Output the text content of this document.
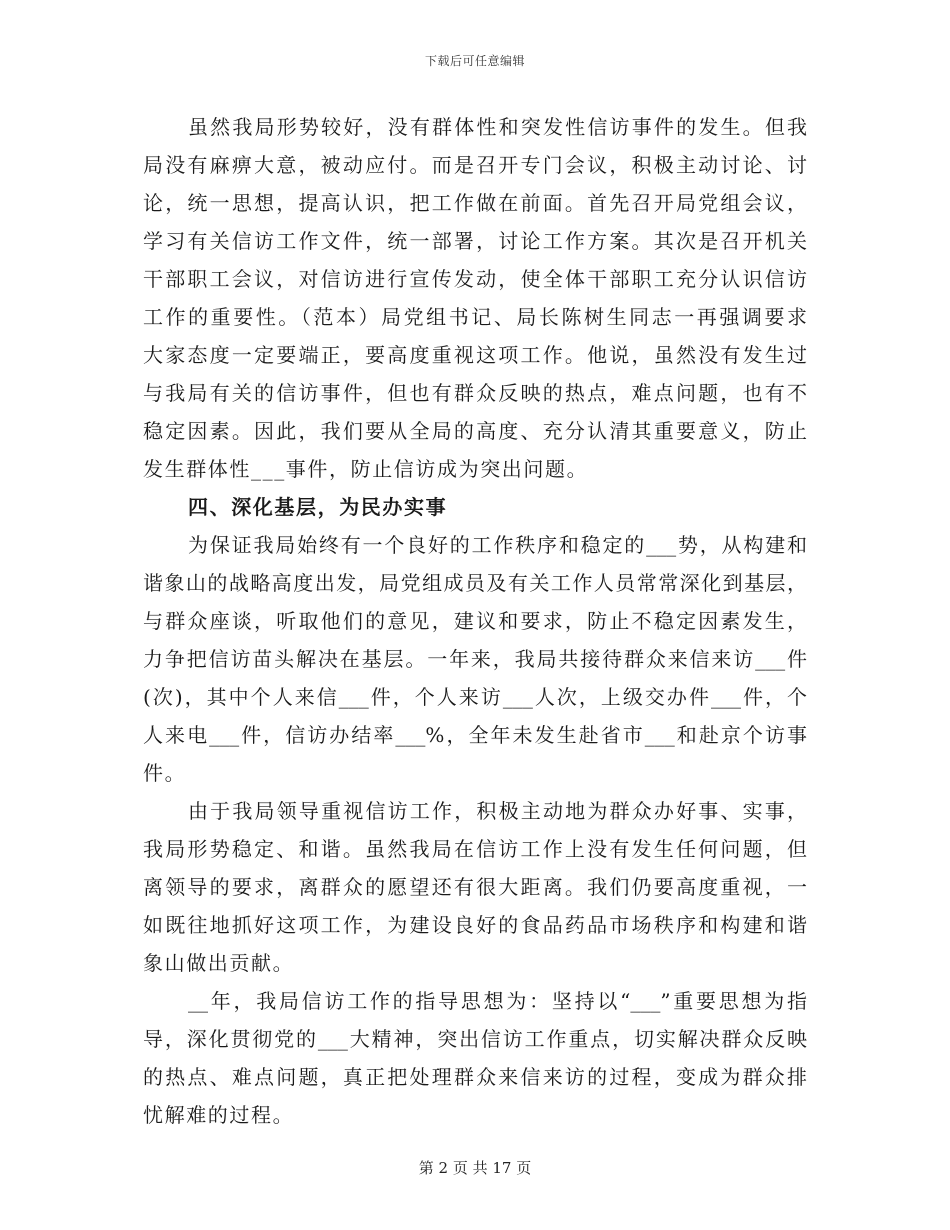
下载后可任意编辑
虽然我局形势较好，没有群体性和突发性信访事件的发生。但我
局没有麻痹大意，被动应付。而是召开专门会议，积极主动讨论、讨
论，统一思想，提高认识，把工作做在前面。首先召开局党组会议，
学习有关信访工作文件，统一部署，讨论工作方案。其次是召开机关
干部职工会议，对信访进行宣传发动，使全体干部职工充分认识信访
工作的重要性。（范本）局党组书记、局长陈树生同志一再强调要求
大家态度一定要端正，要高度重视这项工作。他说，虽然没有发生过
与我局有关的信访事件，但也有群众反映的热点，难点问题，也有不
稳定因素。因此，我们要从全局的高度、充分认清其重要意义，防止
发生群体性___事件，防止信访成为突出问题。
四、深化基层，为民办实事
为保证我局始终有一个良好的工作秩序和稳定的___势，从构建和
谐象山的战略高度出发，局党组成员及有关工作人员常常深化到基层，
与群众座谈，听取他们的意见，建议和要求，防止不稳定因素发生，
力争把信访苗头解决在基层。一年来，我局共接待群众来信来访___件
(次)，其中个人来信___件，个人来访___人次，上级交办件___件，个
人来电___件，信访办结率___%，全年未发生赴省市___和赴京个访事
件。
由于我局领导重视信访工作，积极主动地为群众办好事、实事，
我局形势稳定、和谐。虽然我局在信访工作上没有发生任何问题，但
离领导的要求，离群众的愿望还有很大距离。我们仍要高度重视，一
如既往地抓好这项工作，为建设良好的食品药品市场秩序和构建和谐
象山做出贡献。
__年，我局信访工作的指导思想为：坚持以“___”重要思想为指
导，深化贯彻党的___大精神，突出信访工作重点，切实解决群众反映
的热点、难点问题，真正把处理群众来信来访的过程，变成为群众排
忧解难的过程。
第 2 页 共 17 页
